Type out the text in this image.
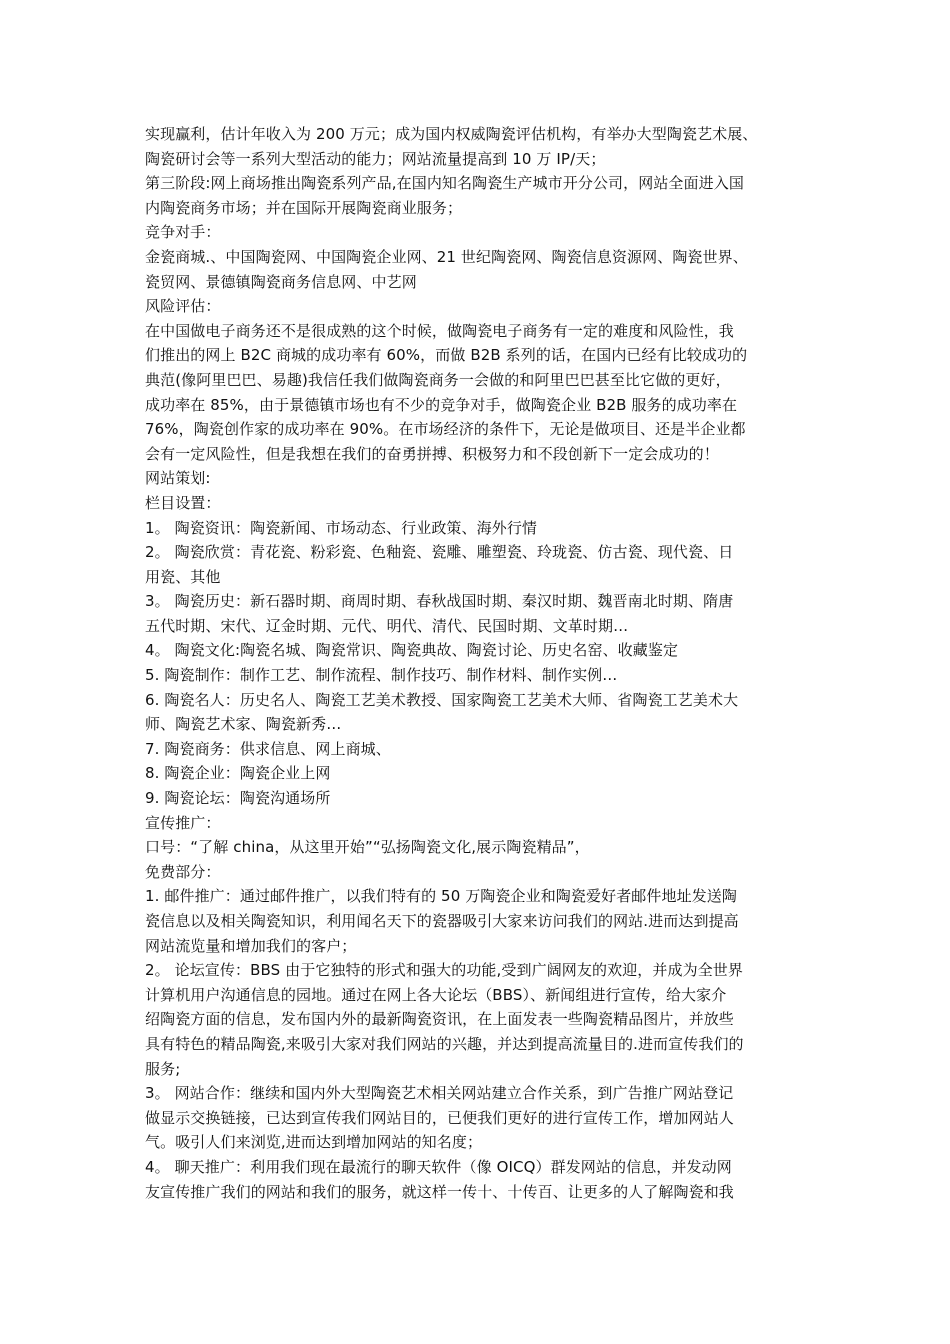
实现赢利，估计年收入为 200 万元；成为国内权威陶瓷评估机构，有举办大型陶瓷艺术展、
陶瓷研讨会等一系列大型活动的能力；网站流量提高到 10 万 IP/天；
第三阶段:网上商场推出陶瓷系列产品,在国内知名陶瓷生产城市开分公司，网站全面进入国
内陶瓷商务市场；并在国际开展陶瓷商业服务；
竞争对手：
金瓷商城.、中国陶瓷网、中国陶瓷企业网、21 世纪陶瓷网、陶瓷信息资源网、陶瓷世界、
瓷贸网、景德镇陶瓷商务信息网、中艺网
风险评估：
在中国做电子商务还不是很成熟的这个时候，做陶瓷电子商务有一定的难度和风险性，我
们推出的网上 B2C 商城的成功率有 60%，而做 B2B 系列的话，在国内已经有比较成功的
典范(像阿里巴巴、易趣)我信任我们做陶瓷商务一会做的和阿里巴巴甚至比它做的更好，
成功率在 85%，由于景德镇市场也有不少的竞争对手，做陶瓷企业 B2B 服务的成功率在
76%，陶瓷创作家的成功率在 90%。在市场经济的条件下，无论是做项目、还是半企业都
会有一定风险性，但是我想在我们的奋勇拼搏、积极努力和不段创新下一定会成功的！
网站策划:
栏目设置：
1。 陶瓷资讯：陶瓷新闻、市场动态、行业政策、海外行情
2。 陶瓷欣赏：青花瓷、粉彩瓷、色釉瓷、瓷雕、雕塑瓷、玲珑瓷、仿古瓷、现代瓷、日
用瓷、其他
3。 陶瓷历史：新石器时期、商周时期、春秋战国时期、秦汉时期、魏晋南北时期、隋唐
五代时期、宋代、辽金时期、元代、明代、清代、民国时期、文革时期…
4。 陶瓷文化:陶瓷名城、陶瓷常识、陶瓷典故、陶瓷讨论、历史名窑、收藏鉴定
5. 陶瓷制作：制作工艺、制作流程、制作技巧、制作材料、制作实例…
6. 陶瓷名人：历史名人、陶瓷工艺美术教授、国家陶瓷工艺美术大师、省陶瓷工艺美术大
师、陶瓷艺术家、陶瓷新秀…
7. 陶瓷商务：供求信息、网上商城、
8. 陶瓷企业：陶瓷企业上网
9. 陶瓷论坛：陶瓷沟通场所
宣传推广：
口号：“了解 china，从这里开始”“弘扬陶瓷文化,展示陶瓷精品”，
免费部分：
1. 邮件推广：通过邮件推广，以我们特有的 50 万陶瓷企业和陶瓷爱好者邮件地址发送陶
瓷信息以及相关陶瓷知识，利用闻名天下的瓷器吸引大家来访问我们的网站.进而达到提高
网站流览量和增加我们的客户；
2。 论坛宣传：BBS 由于它独特的形式和强大的功能,受到广阔网友的欢迎，并成为全世界
计算机用户沟通信息的园地。通过在网上各大论坛（BBS）、新闻组进行宣传，给大家介
绍陶瓷方面的信息，发布国内外的最新陶瓷资讯，在上面发表一些陶瓷精品图片，并放些
具有特色的精品陶瓷,来吸引大家对我们网站的兴趣，并达到提高流量目的.进而宣传我们的
服务;
3。 网站合作：继续和国内外大型陶瓷艺术相关网站建立合作关系，到广告推广网站登记
做显示交换链接，已达到宣传我们网站目的，已便我们更好的进行宣传工作，增加网站人
气。吸引人们来浏览,进而达到增加网站的知名度；
4。 聊天推广：利用我们现在最流行的聊天软件（像 OICQ）群发网站的信息，并发动网
友宣传推广我们的网站和我们的服务，就这样一传十、十传百、让更多的人了解陶瓷和我
